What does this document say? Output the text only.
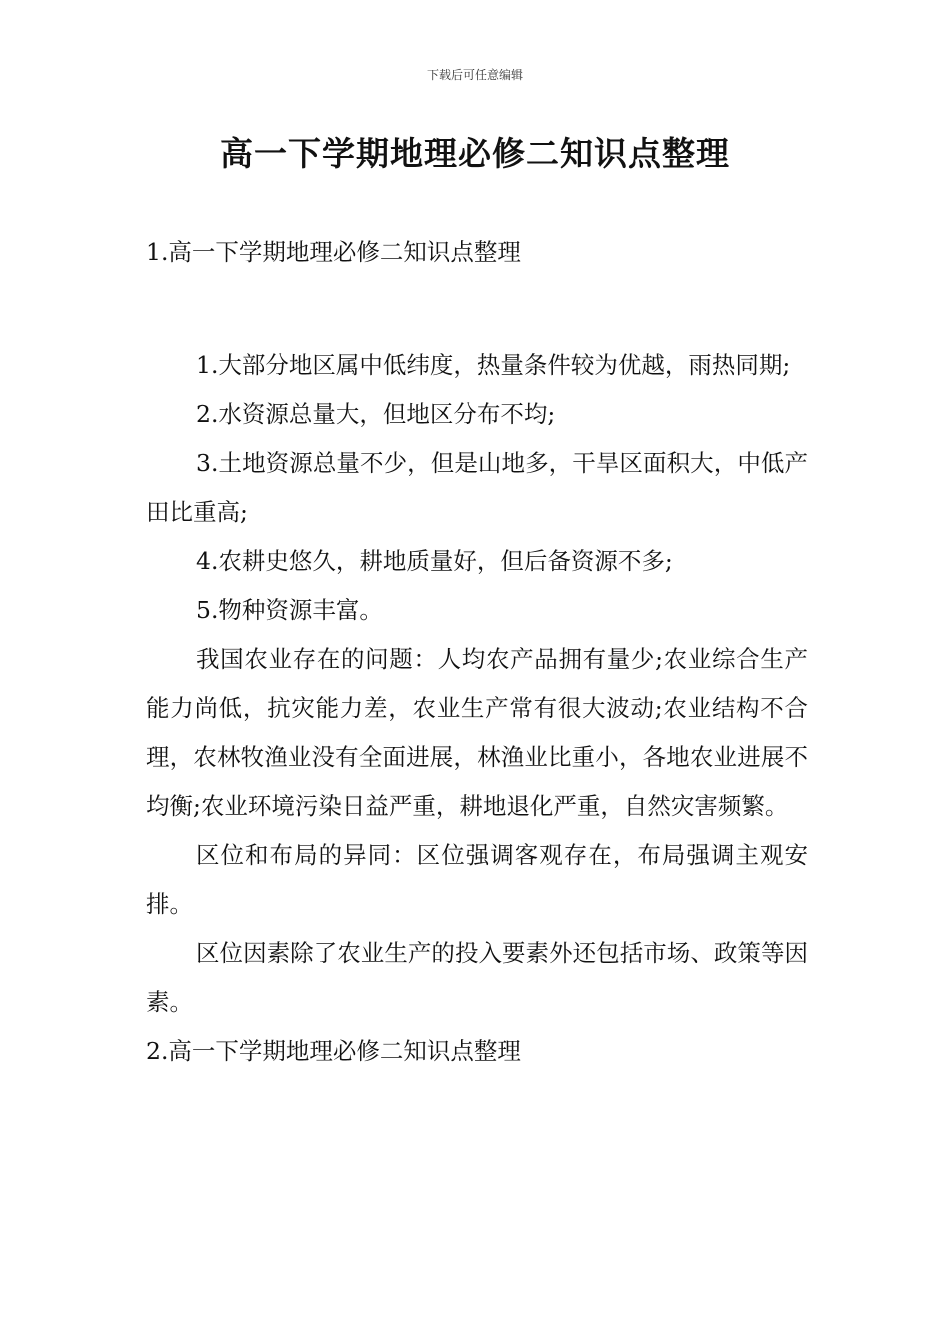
下载后可任意编辑
高一下学期地理必修二知识点整理

1.高一下学期地理必修二知识点整理

1.大部分地区属中低纬度，热量条件较为优越，雨热同期;

2.水资源总量大，但地区分布不均;

3.土地资源总量不少，但是山地多，干旱区面积大，中低产田比重高;

4.农耕史悠久，耕地质量好，但后备资源不多;

5.物种资源丰富。

我国农业存在的问题：人均农产品拥有量少;农业综合生产能力尚低，抗灾能力差，农业生产常有很大波动;农业结构不合理，农林牧渔业没有全面进展，林渔业比重小，各地农业进展不均衡;农业环境污染日益严重，耕地退化严重，自然灾害频繁。

区位和布局的异同：区位强调客观存在，布局强调主观安排。

区位因素除了农业生产的投入要素外还包括市场、政策等因素。

2.高一下学期地理必修二知识点整理
